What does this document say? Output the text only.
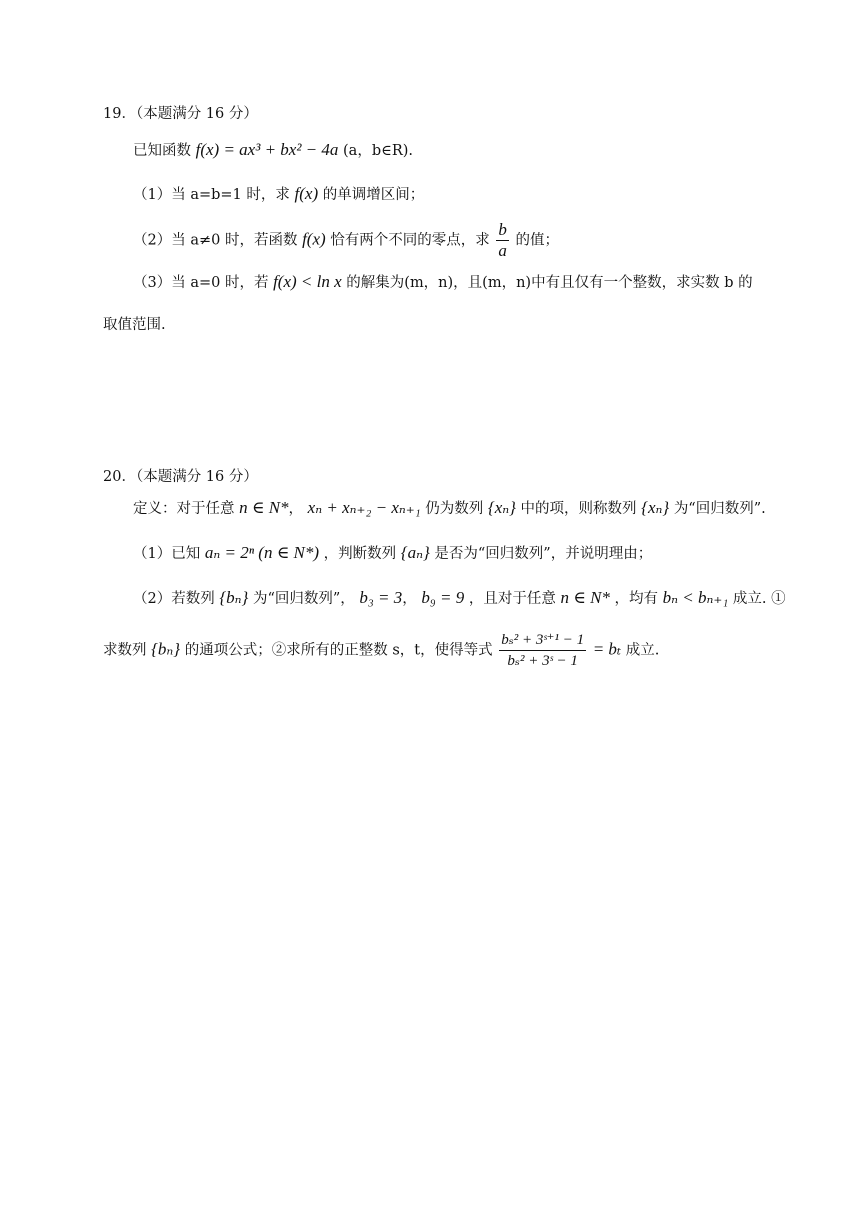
19．（本题满分 16 分）
已知函数 f(x) = ax³ + bx² − 4a (a，b∈R).
（1）当 a=b=1 时，求 f(x) 的单调增区间；
（2）当 a≠0 时，若函数 f(x) 恰有两个不同的零点，求 $\frac{b}{a}$ 的值；
（3）当 a=0 时，若 f(x) < ln x 的解集为(m，n)，且(m，n)中有且仅有一个整数，求实数 b 的
取值范围.
20．（本题满分 16 分）
定义：对于任意 n ∈ N*， xₙ + xₙ₊₂ − xₙ₊₁ 仍为数列 {xₙ} 中的项，则称数列 {xₙ} 为“回归数列”.
（1）已知 aₙ = 2ⁿ (n ∈ N*) ，判断数列 {aₙ} 是否为“回归数列”，并说明理由；
（2）若数列 {bₙ} 为“回归数列”， b₃ = 3， b₉ = 9 ，且对于任意 n ∈ N* ，均有 bₙ < bₙ₊₁ 成立. ①
求数列 {bₙ} 的通项公式；②求所有的正整数 s，t，使得等式 $\frac{\text{bₛ² + 3ˢ⁺¹ − 1}}{\text{bₛ² + 3ˢ − 1}} = b_t$ 成立.
